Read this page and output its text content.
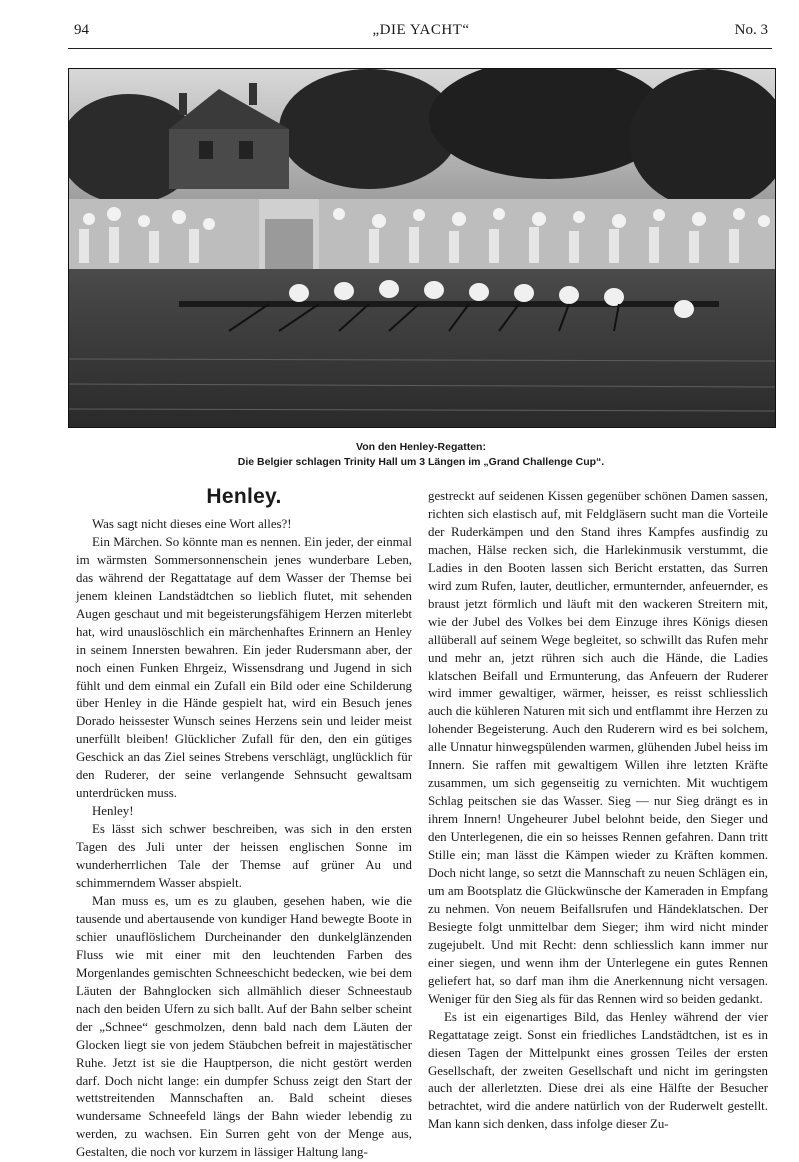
94	„DIE YACHT“	No. 3
Von den Henley-Regatten:
Die Belgier schlagen Trinity Hall um 3 Längen im „Grand Challenge Cup“.
Henley.

Was sagt nicht dieses eine Wort alles?!

Ein Märchen. So könnte man es nennen. Ein jeder, der einmal im wärmsten Sommersonnenschein jenes wunderbare Leben, das während der Regattatage auf dem Wasser der Themse bei jenem kleinen Landstädtchen so lieblich flutet, mit sehenden Augen geschaut und mit begeisterungsfähigem Herzen miterlebt hat, wird unauslöschlich ein märchenhaftes Erinnern an Henley in seinem Innersten bewahren. Ein jeder Rudersmann aber, der noch einen Funken Ehrgeiz, Wissensdrang und Jugend in sich fühlt und dem einmal ein Zufall ein Bild oder eine Schilderung über Henley in die Hände gespielt hat, wird ein Besuch jenes Dorado heissester Wunsch seines Herzens sein und leider meist unerfüllt bleiben! Glücklicher Zufall für den, den ein gütiges Geschick an das Ziel seines Strebens verschlägt, unglücklich für den Ruderer, der seine verlangende Sehnsucht gewaltsam unterdrücken muss.

Henley!

Es lässt sich schwer beschreiben, was sich in den ersten Tagen des Juli unter der heissen englischen Sonne im wunderherrlichen Tale der Themse auf grüner Au und schimmerndem Wasser abspielt.

Man muss es, um es zu glauben, gesehen haben, wie die tausende und abertausende von kundiger Hand bewegte Boote in schier unauflöslichem Durcheinander den dunkelglänzenden Fluss wie mit einer mit den leuchtenden Farben des Morgenlandes gemischten Schneeschicht bedecken, wie bei dem Läuten der Bahnglocken sich allmählich dieser Schneestaub nach den beiden Ufern zu sich ballt. Auf der Bahn selber scheint der „Schnee“ geschmolzen, denn bald nach dem Läuten der Glocken liegt sie von jedem Stäubchen befreit in majestätischer Ruhe. Jetzt ist sie die Hauptperson, die nicht gestört werden darf. Doch nicht lange: ein dumpfer Schuss zeigt den Start der wettstreitenden Mannschaften an. Bald scheint dieses wundersame Schneefeld längs der Bahn wieder lebendig zu werden, zu wachsen. Ein Surren geht von der Menge aus, Gestalten, die noch vor kurzem in lässiger Haltung lang-

gestreckt auf seidenen Kissen gegenüber schönen Damen sassen, richten sich elastisch auf, mit Feldgläsern sucht man die Vorteile der Ruderkämpen und den Stand ihres Kampfes ausfindig zu machen, Hälse recken sich, die Harlekinmusik verstummt, die Ladies in den Booten lassen sich Bericht erstatten, das Surren wird zum Rufen, lauter, deutlicher, ermunternder, anfeuernder, es braust jetzt förmlich und läuft mit den wackeren Streitern mit, wie der Jubel des Volkes bei dem Einzuge ihres Königs diesen allüberall auf seinem Wege begleitet, so schwillt das Rufen mehr und mehr an, jetzt rühren sich auch die Hände, die Ladies klatschen Beifall und Ermunterung, das Anfeuern der Ruderer wird immer gewaltiger, wärmer, heisser, es reisst schliesslich auch die kühleren Naturen mit sich und entflammt ihre Herzen zu lohender Begeisterung. Auch den Ruderern wird es bei solchem, alle Unnatur hinwegspülenden warmen, glühenden Jubel heiss im Innern. Sie raffen mit gewaltigem Willen ihre letzten Kräfte zusammen, um sich gegenseitig zu vernichten. Mit wuchtigem Schlag peitschen sie das Wasser. Sieg — nur Sieg drängt es in ihrem Innern! Ungeheurer Jubel belohnt beide, den Sieger und den Unterlegenen, die ein so heisses Rennen gefahren. Dann tritt Stille ein; man lässt die Kämpen wieder zu Kräften kommen. Doch nicht lange, so setzt die Mannschaft zu neuen Schlägen ein, um am Bootsplatz die Glückwünsche der Kameraden in Empfang zu nehmen. Von neuem Beifallsrufen und Händeklatschen. Der Besiegte folgt unmittelbar dem Sieger; ihm wird nicht minder zugejubelt. Und mit Recht: denn schliesslich kann immer nur einer siegen, und wenn ihm der Unterlegene ein gutes Rennen geliefert hat, so darf man ihm die Anerkennung nicht versagen. Weniger für den Sieg als für das Rennen wird so beiden gedankt.

Es ist ein eigenartiges Bild, das Henley während der vier Regattatage zeigt. Sonst ein friedliches Landstädtchen, ist es in diesen Tagen der Mittelpunkt eines grossen Teiles der ersten Gesellschaft, der zweiten Gesellschaft und nicht im geringsten auch der allerletzten. Diese drei als eine Hälfte der Besucher betrachtet, wird die andere natürlich von der Ruderwelt gestellt. Man kann sich denken, dass infolge dieser Zu-
